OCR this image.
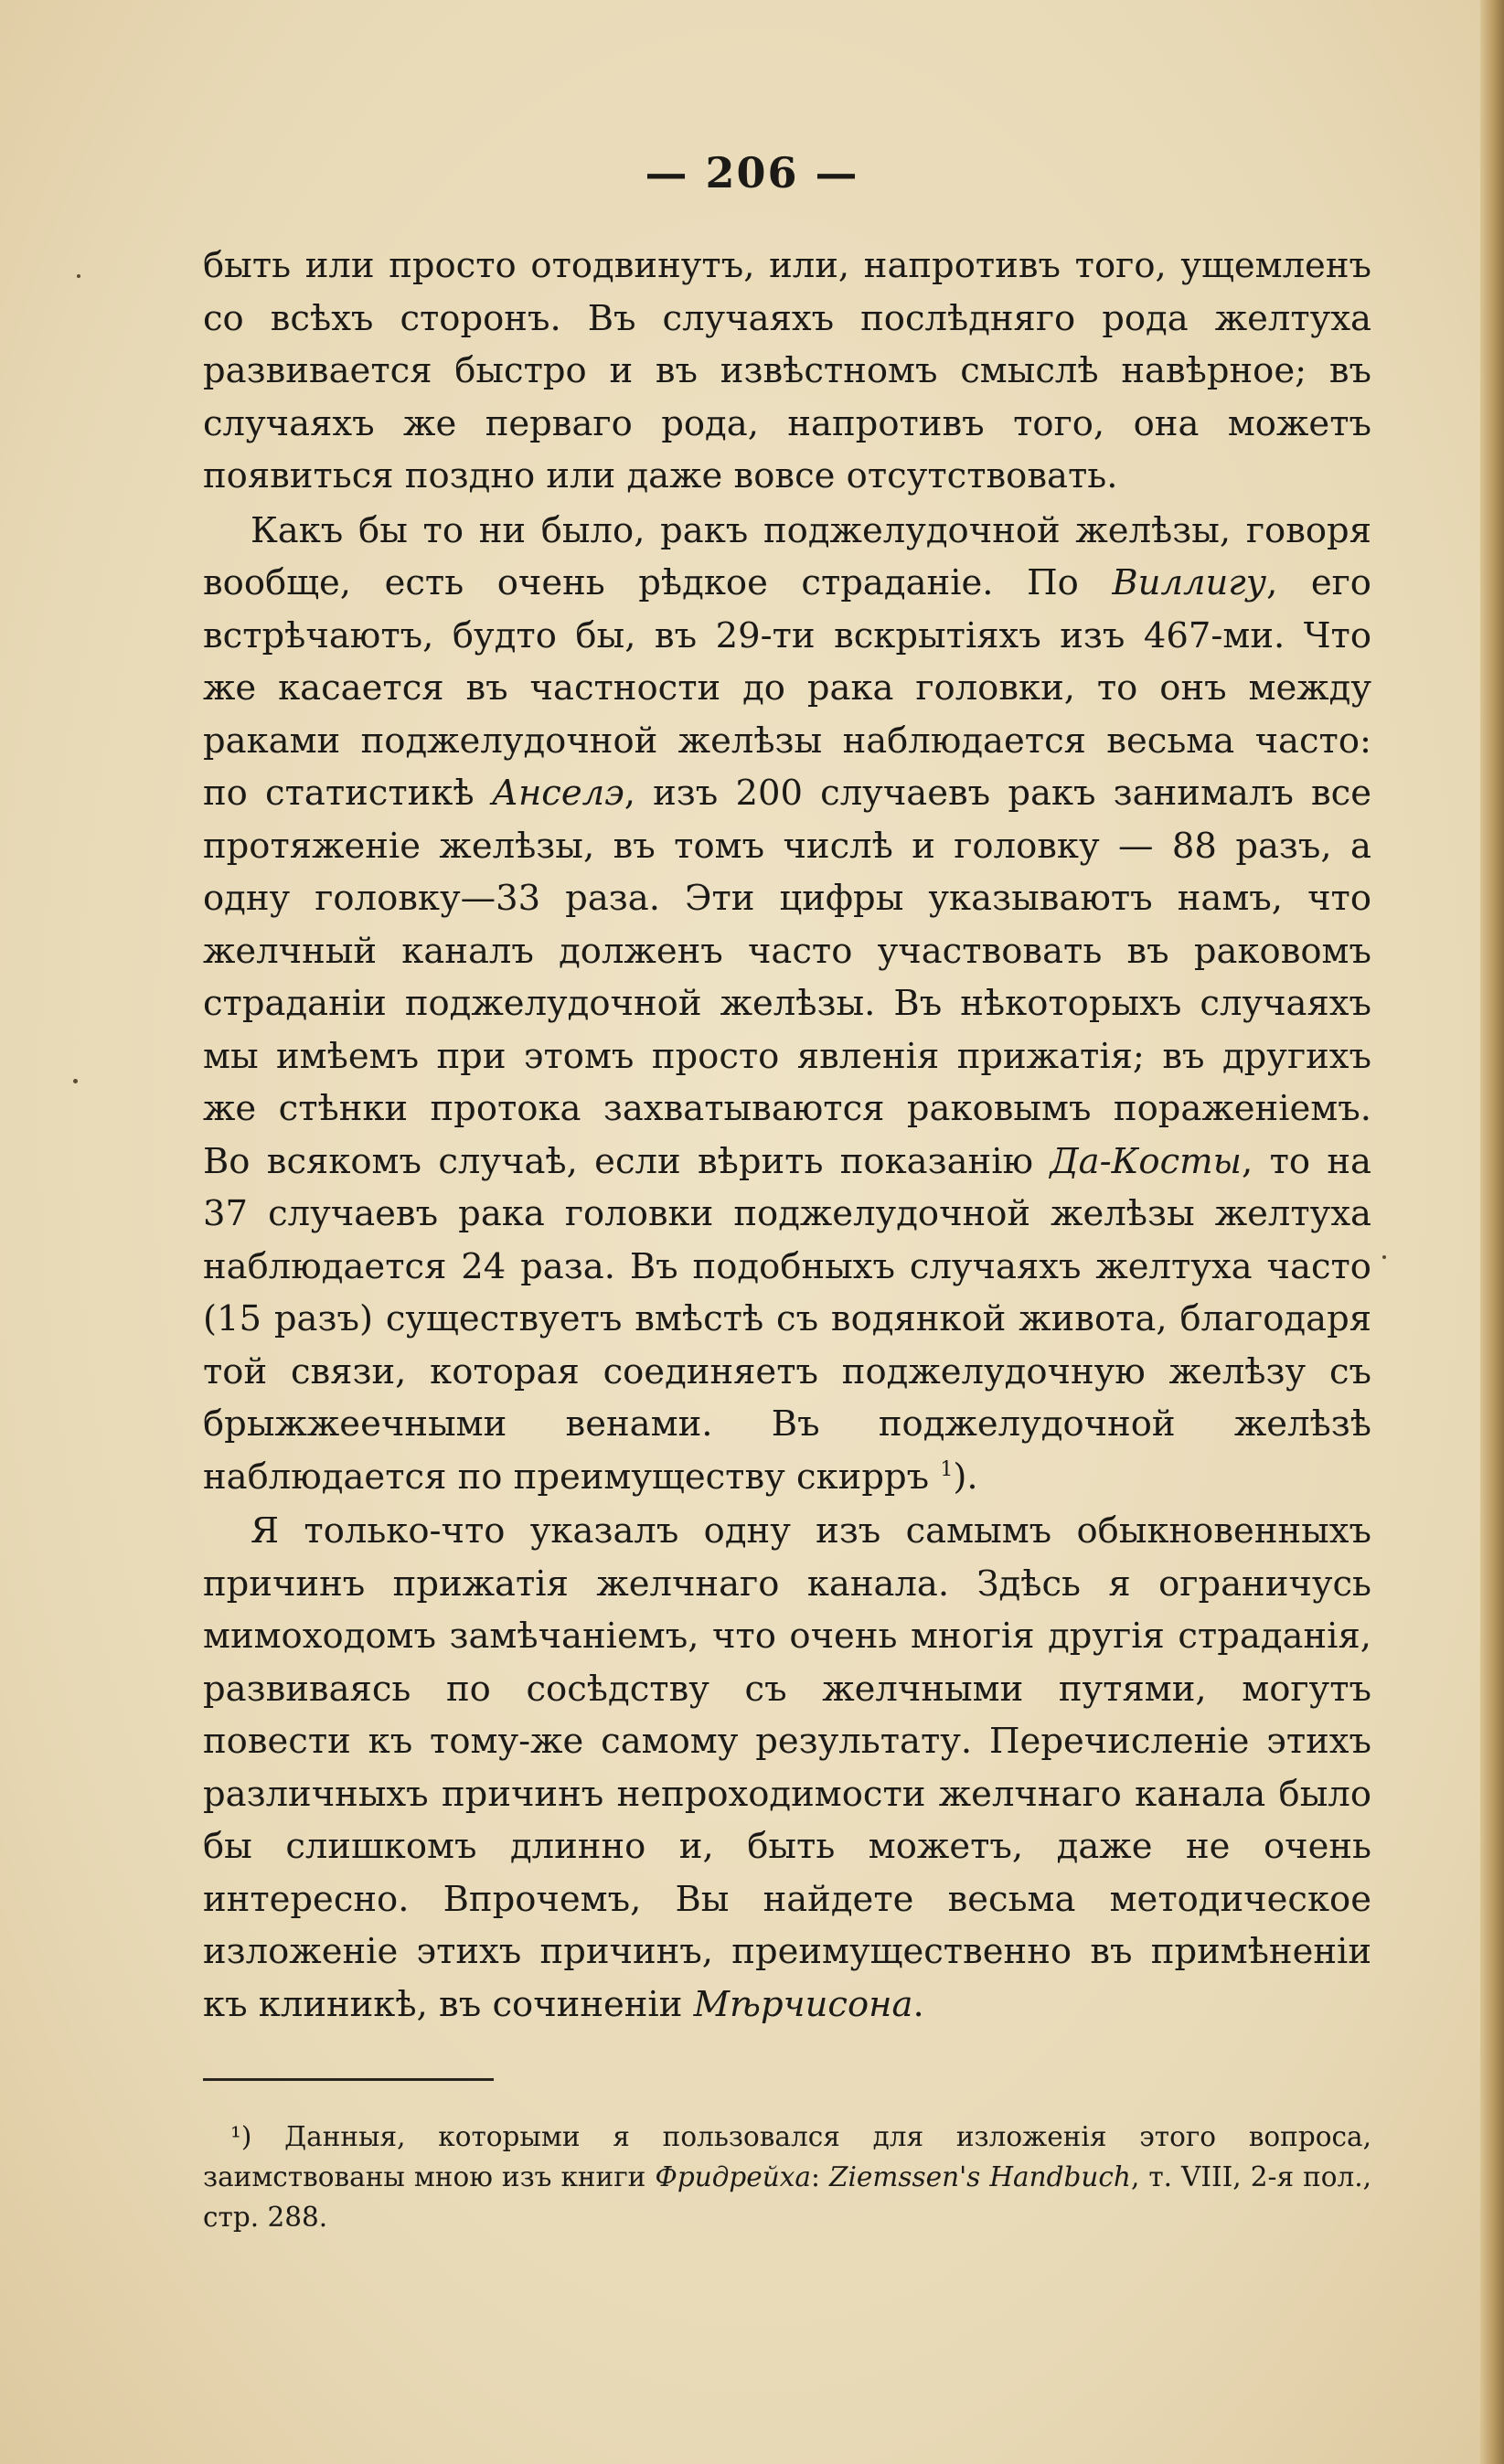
— 206 —

быть или просто отодвинутъ, или, напротивъ того, ущемленъ со всѣхъ сторонъ. Въ случаяхъ послѣдняго рода желтуха развивается быстро и въ извѣстномъ смыслѣ навѣрное; въ случаяхъ же перваго рода, напротивъ того, она можетъ появиться поздно или даже вовсе отсутствовать.

Какъ бы то ни было, ракъ поджелудочной желѣзы, говоря вообще, есть очень рѣдкое страданіе. По Виллигу, его встрѣчаютъ, будто бы, въ 29-ти вскрытіяхъ изъ 467-ми. Что же касается въ частности до рака головки, то онъ между раками поджелудочной желѣзы наблюдается весьма часто: по статистикѣ Анселэ, изъ 200 случаевъ ракъ занималъ все протяженіе желѣзы, въ томъ числѣ и головку — 88 разъ, а одну головку—33 раза. Эти цифры указываютъ намъ, что желчный каналъ долженъ часто участвовать въ раковомъ страданіи поджелудочной желѣзы. Въ нѣкоторыхъ случаяхъ мы имѣемъ при этомъ просто явленія прижатія; въ другихъ же стѣнки протока захватываются раковымъ пораженіемъ. Во всякомъ случаѣ, если вѣрить показанію Да-Косты, то на 37 случаевъ рака головки поджелудочной желѣзы желтуха наблюдается 24 раза. Въ подобныхъ случаяхъ желтуха часто (15 разъ) существуетъ вмѣстѣ съ водянкой живота, благодаря той связи, которая соединяетъ поджелудочную желѣзу съ брыжжеечными венами. Въ поджелудочной желѣзѣ наблюдается по преимуществу скирръ $^1$).

Я только-что указалъ одну изъ самымъ обыкновенныхъ причинъ прижатія желчнаго канала. Здѣсь я ограничусь мимоходомъ замѣчаніемъ, что очень многія другія страданія, развиваясь по сосѣдству съ желчными путями, могутъ повести къ тому-же самому результату. Перечисленіе этихъ различныхъ причинъ непроходимости желчнаго канала было бы слишкомъ длинно и, быть можетъ, даже не очень интересно. Впрочемъ, Вы найдете весьма методическое изложеніе этихъ причинъ, преимущественно въ примѣненіи къ клиникѣ, въ сочиненіи Мѣрчисона.

¹) Данныя, которыми я пользовался для изложенія этого вопроса, заимствованы мною изъ книги Фридрейха: Ziemssen's Handbuch, т. VIII, 2-я пол., стр. 288.
